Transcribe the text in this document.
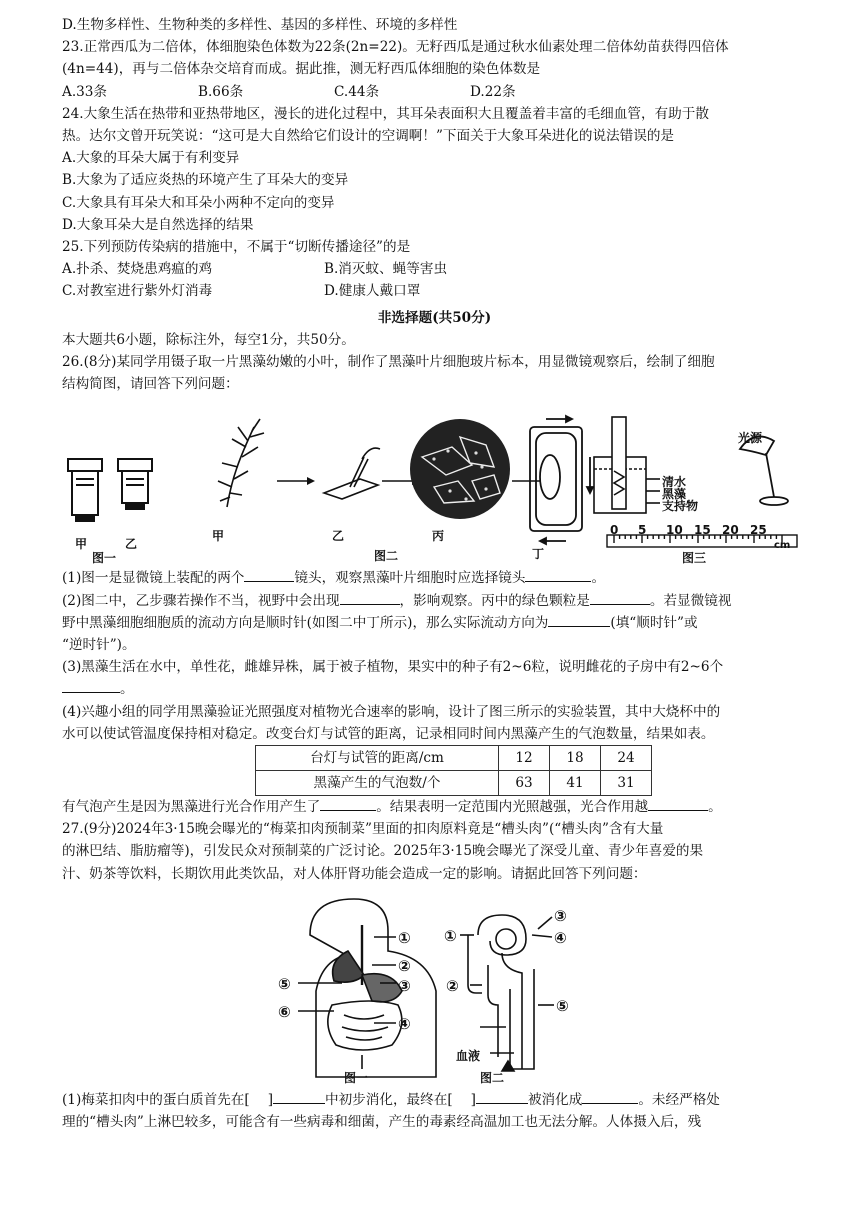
D.生物多样性、生物种类的多样性、基因的多样性、环境的多样性
23.正常西瓜为二倍体，体细胞染色体数为22条(2n=22)。无籽西瓜是通过秋水仙素处理二倍体幼苗获得四倍体
(4n=44)，再与二倍体杂交培育而成。据此推，测无籽西瓜体细胞的染色体数是
A.33条	B.66条	C.44条	D.22条
24.大象生活在热带和亚热带地区，漫长的进化过程中，其耳朵表面积大且覆盖着丰富的毛细血管，有助于散
热。达尔文曾开玩笑说：“这可是大自然给它们设计的空调啊！”下面关于大象耳朵进化的说法错误的是
A.大象的耳朵大属于有利变异
B.大象为了适应炎热的环境产生了耳朵大的变异
C.大象具有耳朵大和耳朵小两种不定向的变异
D.大象耳朵大是自然选择的结果
25.下列预防传染病的措施中，不属于“切断传播途径”的是
A.扑杀、焚烧患鸡瘟的鸡	B.消灭蚊、蝇等害虫
C.对教室进行紫外灯消毒	D.健康人戴口罩
非选择题(共50分)
本大题共6小题，除标注外，每空1分，共50分。
26.(8分)某同学用镊子取一片黑藻幼嫩的小叶，制作了黑藻叶片细胞玻片标本，用显微镜观察后，绘制了细胞
结构简图，请回答下列问题：
甲	乙
图一
甲	乙	丙
丁
图二
清水
黑藻
支持物
光源
0 5 10 15 20 25
cm
图三
(1)图一是显微镜上装配的两个	镜头，观察黑藻叶片细胞时应选择镜头	。
(2)图二中，乙步骤若操作不当，视野中会出现	，影响观察。丙中的绿色颗粒是	。若显微镜视
野中黑藻细胞细胞质的流动方向是顺时针(如图二中丁所示)，那么实际流动方向为	(填“顺时针”或
“逆时针”)。
(3)黑藻生活在水中，单性花，雌雄异株，属于被子植物，果实中的种子有2~6粒，说明雌花的子房中有2~6个
。
(4)兴趣小组的同学用黑藻验证光照强度对植物光合速率的影响，设计了图三所示的实验装置，其中大烧杯中的
水可以使试管温度保持相对稳定。改变台灯与试管的距离，记录相同时间内黑藻产生的气泡数量，结果如表。
台灯与试管的距离/cm	12	18	24
黑藻产生的气泡数/个	63	41	31
有气泡产生是因为黑藻进行光合作用产生了	。结果表明一定范围内光照越强，光合作用越	。
27.(9分)2024年3·15晚会曝光的“梅菜扣肉预制菜”里面的扣肉原料竟是“槽头肉”(“槽头肉”含有大量
的淋巴结、脂肪瘤等)，引发民众对预制菜的广泛讨论。2025年3·15晚会曝光了深受儿童、青少年喜爱的果
汁、奶茶等饮料，长期饮用此类饮品，对人体肝肾功能会造成一定的影响。请据此回答下列问题：
①
②
③
④
⑤
⑥
图一
①
②
③
④
⑤
血液
图二
(1)梅菜扣肉中的蛋白质首先在[ ]	中初步消化，最终在[ ]	被消化成	。未经严格处
理的“槽头肉”上淋巴较多，可能含有一些病毒和细菌，产生的毒素经高温加工也无法分解。人体摄入后，残
